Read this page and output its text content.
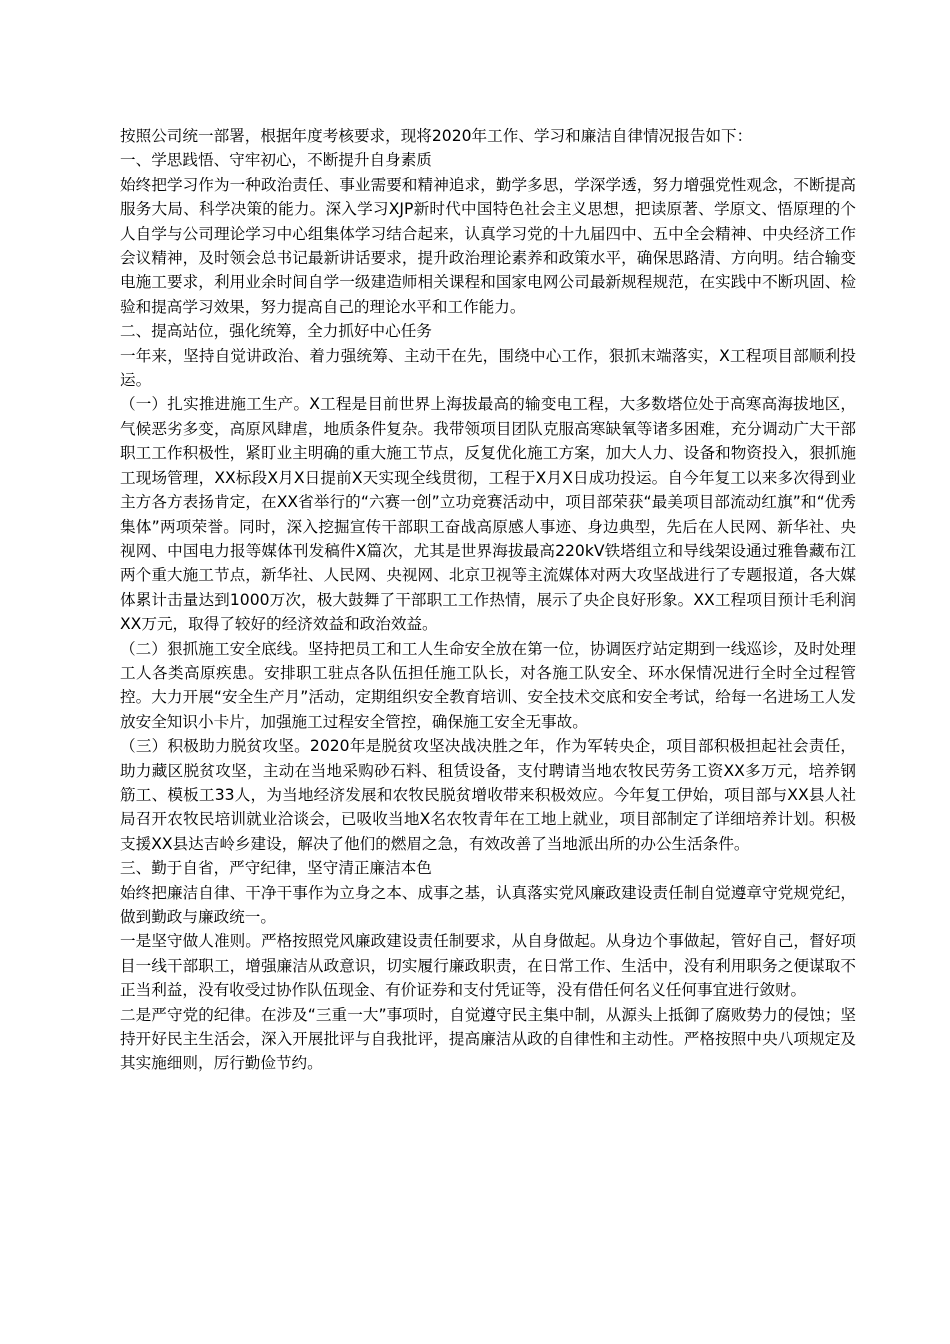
按照公司统一部署，根据年度考核要求，现将2020年工作、学习和廉洁自律情况报告如下：

一、学思践悟、守牢初心，不断提升自身素质

始终把学习作为一种政治责任、事业需要和精神追求，勤学多思，学深学透，努力增强党性观念，不断提高服务大局、科学决策的能力。深入学习XJP新时代中国特色社会主义思想，把读原著、学原文、悟原理的个人自学与公司理论学习中心组集体学习结合起来，认真学习党的十九届四中、五中全会精神、中央经济工作会议精神，及时领会总书记最新讲话要求，提升政治理论素养和政策水平，确保思路清、方向明。结合输变电施工要求，利用业余时间自学一级建造师相关课程和国家电网公司最新规程规范，在实践中不断巩固、检验和提高学习效果，努力提高自己的理论水平和工作能力。

二、提高站位，强化统筹，全力抓好中心任务

一年来，坚持自觉讲政治、着力强统筹、主动干在先，围绕中心工作，狠抓末端落实，X工程项目部顺利投运。

（一）扎实推进施工生产。X工程是目前世界上海拔最高的输变电工程，大多数塔位处于高寒高海拔地区，气候恶劣多变，高原风肆虐，地质条件复杂。我带领项目团队克服高寒缺氧等诸多困难，充分调动广大干部职工工作积极性，紧盯业主明确的重大施工节点，反复优化施工方案，加大人力、设备和物资投入，狠抓施工现场管理，XX标段X月X日提前X天实现全线贯彻，工程于X月X日成功投运。自今年复工以来多次得到业主方各方表扬肯定，在XX省举行的“六赛一创”立功竞赛活动中，项目部荣获“最美项目部流动红旗”和“优秀集体”两项荣誉。同时，深入挖掘宣传干部职工奋战高原感人事迹、身边典型，先后在人民网、新华社、央视网、中国电力报等媒体刊发稿件X篇次，尤其是世界海拔最高220kV铁塔组立和导线架设通过雅鲁藏布江两个重大施工节点，新华社、人民网、央视网、北京卫视等主流媒体对两大攻坚战进行了专题报道，各大媒体累计击量达到1000万次，极大鼓舞了干部职工工作热情，展示了央企良好形象。XX工程项目预计毛利润XX万元，取得了较好的经济效益和政治效益。

（二）狠抓施工安全底线。坚持把员工和工人生命安全放在第一位，协调医疗站定期到一线巡诊，及时处理工人各类高原疾患。安排职工驻点各队伍担任施工队长，对各施工队安全、环水保情况进行全时全过程管控。大力开展“安全生产月”活动，定期组织安全教育培训、安全技术交底和安全考试，给每一名进场工人发放安全知识小卡片，加强施工过程安全管控，确保施工安全无事故。

（三）积极助力脱贫攻坚。2020年是脱贫攻坚决战决胜之年，作为军转央企，项目部积极担起社会责任，助力藏区脱贫攻坚，主动在当地采购砂石料、租赁设备，支付聘请当地农牧民劳务工资XX多万元，培养钢筋工、模板工33人，为当地经济发展和农牧民脱贫增收带来积极效应。今年复工伊始，项目部与XX县人社局召开农牧民培训就业洽谈会，已吸收当地X名农牧青年在工地上就业，项目部制定了详细培养计划。积极支援XX县达吉岭乡建设，解决了他们的燃眉之急，有效改善了当地派出所的办公生活条件。

三、勤于自省，严守纪律，坚守清正廉洁本色

始终把廉洁自律、干净干事作为立身之本、成事之基，认真落实党风廉政建设责任制自觉遵章守党规党纪，做到勤政与廉政统一。

一是坚守做人准则。严格按照党风廉政建设责任制要求，从自身做起。从身边个事做起，管好自己，督好项目一线干部职工，增强廉洁从政意识，切实履行廉政职责，在日常工作、生活中，没有利用职务之便谋取不正当利益，没有收受过协作队伍现金、有价证券和支付凭证等，没有借任何名义任何事宜进行敛财。

二是严守党的纪律。在涉及“三重一大”事项时，自觉遵守民主集中制，从源头上抵御了腐败势力的侵蚀；坚持开好民主生活会，深入开展批评与自我批评，提高廉洁从政的自律性和主动性。严格按照中央八项规定及其实施细则，厉行勤俭节约。
